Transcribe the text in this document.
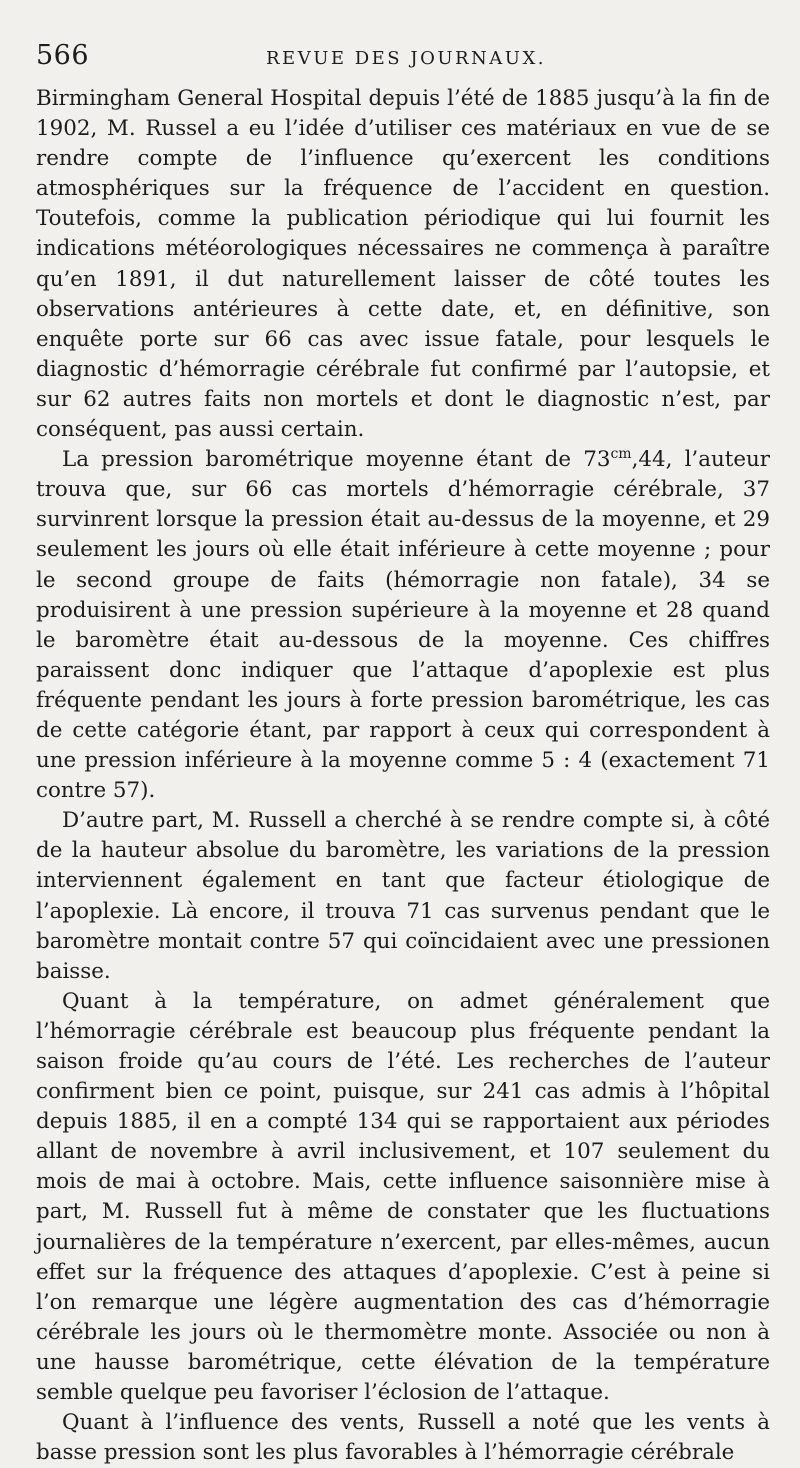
566	REVUE DES JOURNAUX.

Birmingham General Hospital depuis l’été de 1885 jusqu’à la fin de 1902, M. Russel a eu l’idée d’utiliser ces matériaux en vue de se rendre compte de l’influence qu’exercent les conditions atmosphériques sur la fréquence de l’accident en question. Toutefois, comme la publication périodique qui lui fournit les indications météorologiques nécessaires ne commença à paraître qu’en 1891, il dut naturellement laisser de côté toutes les observations antérieures à cette date, et, en définitive, son enquête porte sur 66 cas avec issue fatale, pour lesquels le diagnostic d’hémorragie cérébrale fut confirmé par l’autopsie, et sur 62 autres faits non mortels et dont le diagnostic n’est, par conséquent, pas aussi certain.

La pression barométrique moyenne étant de $73^{cm},44$, l’auteur trouva que, sur 66 cas mortels d’hémorragie cérébrale, 37 survinrent lorsque la pression était au-dessus de la moyenne, et 29 seulement les jours où elle était inférieure à cette moyenne ; pour le second groupe de faits (hémorragie non fatale), 34 se produisirent à une pression supérieure à la moyenne et 28 quand le baromètre était au-dessous de la moyenne. Ces chiffres paraissent donc indiquer que l’attaque d’apoplexie est plus fréquente pendant les jours à forte pression barométrique, les cas de cette catégorie étant, par rapport à ceux qui correspondent à une pression inférieure à la moyenne comme 5 : 4 (exactement 71 contre 57).

D’autre part, M. Russell a cherché à se rendre compte si, à côté de la hauteur absolue du baromètre, les variations de la pression interviennent également en tant que facteur étiologique de l’apoplexie. Là encore, il trouva 71 cas survenus pendant que le baromètre montait contre 57 qui coïncidaient avec une pressionen baisse.

Quant à la température, on admet généralement que l’hémorragie cérébrale est beaucoup plus fréquente pendant la saison froide qu’au cours de l’été. Les recherches de l’auteur confirment bien ce point, puisque, sur 241 cas admis à l’hôpital depuis 1885, il en a compté 134 qui se rapportaient aux périodes allant de novembre à avril inclusivement, et 107 seulement du mois de mai à octobre. Mais, cette influence saisonnière mise à part, M. Russell fut à même de constater que les fluctuations journalières de la température n’exercent, par elles-mêmes, aucun effet sur la fréquence des attaques d’apoplexie. C’est à peine si l’on remarque une légère augmentation des cas d’hémorragie cérébrale les jours où le thermomètre monte. Associée ou non à une hausse barométrique, cette élévation de la température semble quelque peu favoriser l’éclosion de l’attaque.

Quant à l’influence des vents, Russell a noté que les vents à basse pression sont les plus favorables à l’hémorragie cérébrale
